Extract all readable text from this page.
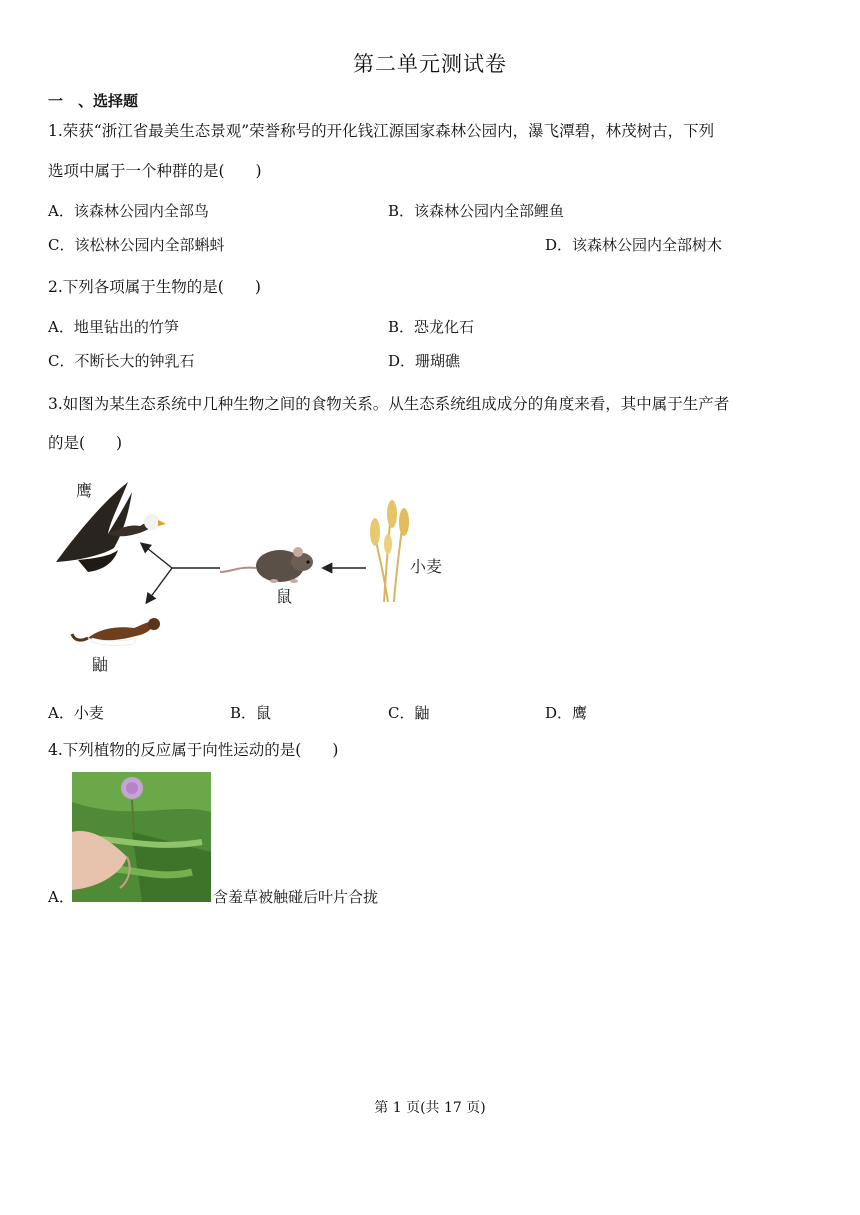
第二单元测试卷
一　、选择题
1.荣获“浙江省最美生态景观”荣誉称号的开化钱江源国家森林公园内，瀑飞潭碧，林茂树古，下列
选项中属于一个种群的是(　　)
A．该森林公园内全部鸟	B．该森林公园内全部鲤鱼
C．该松林公园内全部蝌蚪	D．该森林公园内全部树木
2.下列各项属于生物的是(　　)
A．地里钻出的竹笋	B．恐龙化石
C．不断长大的钟乳石	D．珊瑚礁
3.如图为某生态系统中几种生物之间的食物关系。从生态系统组成成分的角度来看，其中属于生产者
的是(　　)
鹰
鼠
小麦
鼬
A．小麦	B．鼠	C．鼬	D．鹰
4.下列植物的反应属于向性运动的是(　　)
A．	含羞草被触碰后叶片合拢
第 1 页(共 17 页)
